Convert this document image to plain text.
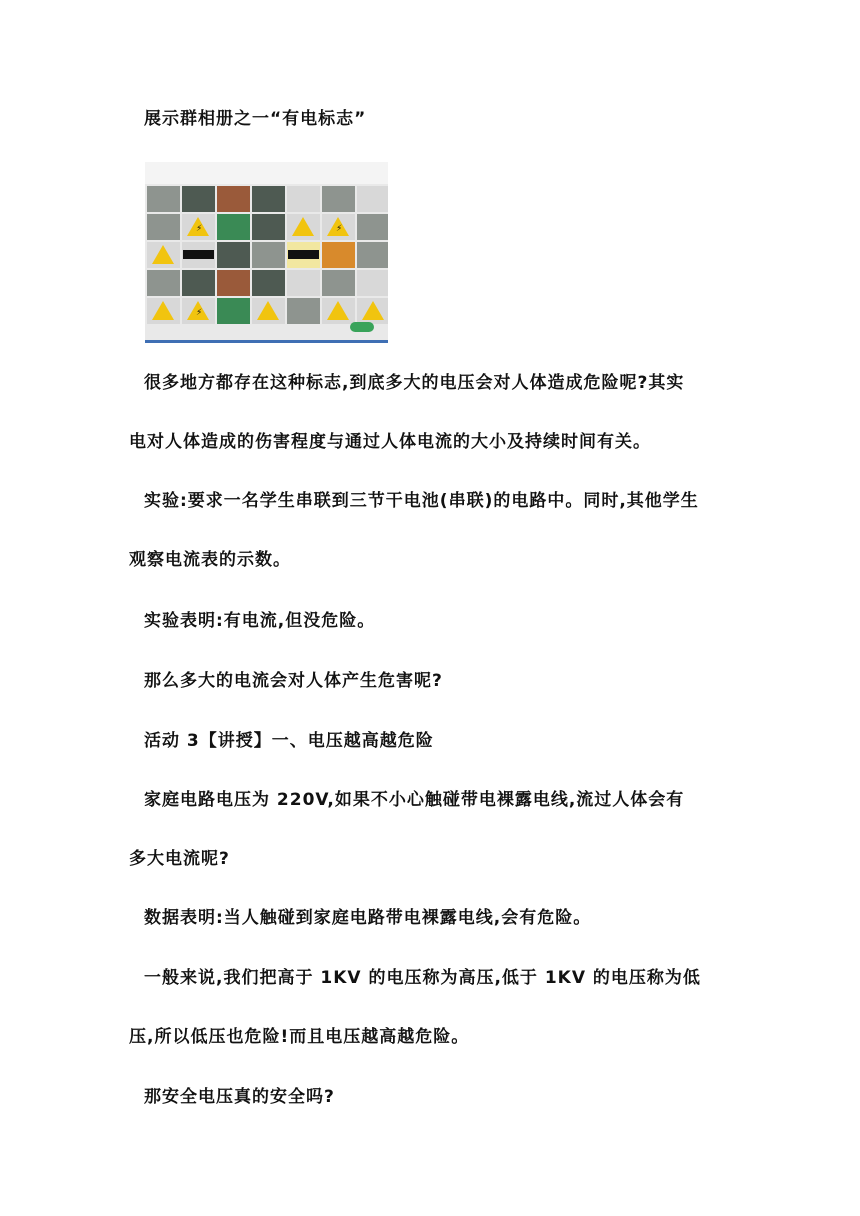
展示群相册之一“有电标志”

⚡	⚡
⚡

很多地方都存在这种标志,到底多大的电压会对人体造成危险呢?其实
电对人体造成的伤害程度与通过人体电流的大小及持续时间有关。

实验:要求一名学生串联到三节干电池(串联)的电路中。同时,其他学生
观察电流表的示数。

实验表明:有电流,但没危险。

那么多大的电流会对人体产生危害呢?

活动 3【讲授】一、电压越高越危险

家庭电路电压为 220V,如果不小心触碰带电裸露电线,流过人体会有
多大电流呢?

数据表明:当人触碰到家庭电路带电裸露电线,会有危险。

一般来说,我们把高于 1KV 的电压称为高压,低于 1KV 的电压称为低
压,所以低压也危险!而且电压越高越危险。

那安全电压真的安全吗?
